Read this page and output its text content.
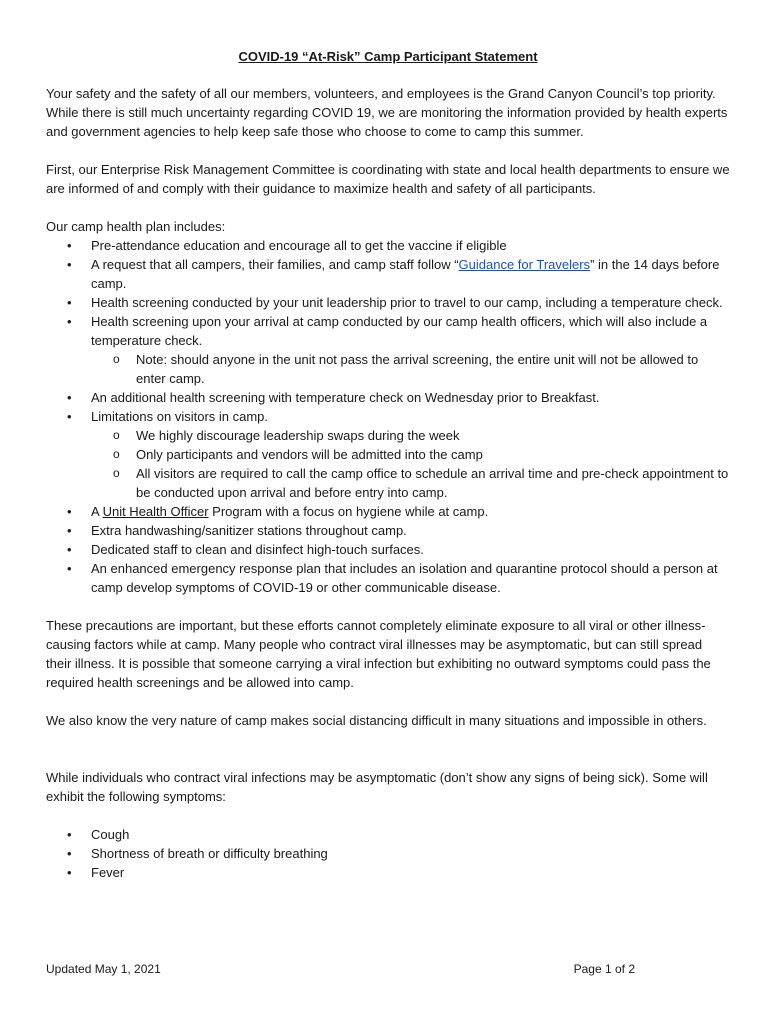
COVID-19 “At-Risk” Camp Participant Statement

Your safety and the safety of all our members, volunteers, and employees is the Grand Canyon Council’s top priority. While there is still much uncertainty regarding COVID 19, we are monitoring the information provided by health experts and government agencies to help keep safe those who choose to come to camp this summer.

First, our Enterprise Risk Management Committee is coordinating with state and local health departments to ensure we are informed of and comply with their guidance to maximize health and safety of all participants.

Our camp health plan includes:
• Pre-attendance education and encourage all to get the vaccine if eligible
• A request that all campers, their families, and camp staff follow “Guidance for Travelers” in the 14 days before camp.
• Health screening conducted by your unit leadership prior to travel to our camp, including a temperature check.
• Health screening upon your arrival at camp conducted by our camp health officers, which will also include a temperature check.
o Note: should anyone in the unit not pass the arrival screening, the entire unit will not be allowed to enter camp.
• An additional health screening with temperature check on Wednesday prior to Breakfast.
• Limitations on visitors in camp.
o We highly discourage leadership swaps during the week
o Only participants and vendors will be admitted into the camp
o All visitors are required to call the camp office to schedule an arrival time and pre-check appointment to be conducted upon arrival and before entry into camp.
• A Unit Health Officer Program with a focus on hygiene while at camp.
• Extra handwashing/sanitizer stations throughout camp.
• Dedicated staff to clean and disinfect high-touch surfaces.
• An enhanced emergency response plan that includes an isolation and quarantine protocol should a person at camp develop symptoms of COVID-19 or other communicable disease.

These precautions are important, but these efforts cannot completely eliminate exposure to all viral or other illness-causing factors while at camp. Many people who contract viral illnesses may be asymptomatic, but can still spread their illness. It is possible that someone carrying a viral infection but exhibiting no outward symptoms could pass the required health screenings and be allowed into camp.

We also know the very nature of camp makes social distancing difficult in many situations and impossible in others.

While individuals who contract viral infections may be asymptomatic (don’t show any signs of being sick). Some will exhibit the following symptoms:

• Cough
• Shortness of breath or difficulty breathing
• Fever
Updated May 1, 2021	Page 1 of 2
